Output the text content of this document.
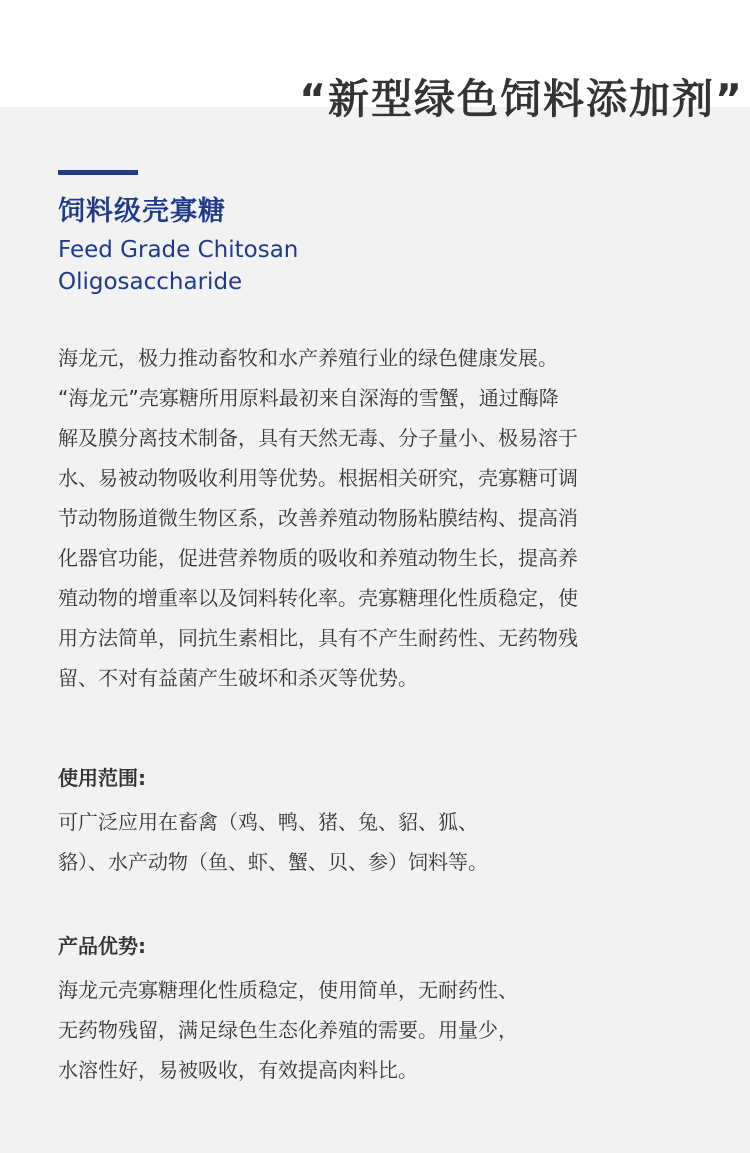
“新型绿色饲料添加剂”
饲料级壳寡糖

Feed Grade Chitosan Oligosaccharide

海龙元，极力推动畜牧和水产养殖行业的绿色健康发展。
“海龙元”壳寡糖所用原料最初来自深海的雪蟹，通过酶降
解及膜分离技术制备，具有天然无毒、分子量小、极易溶于
水、易被动物吸收利用等优势。根据相关研究，壳寡糖可调
节动物肠道微生物区系，改善养殖动物肠粘膜结构、提高消
化器官功能，促进营养物质的吸收和养殖动物生长，提高养
殖动物的增重率以及饲料转化率。壳寡糖理化性质稳定，使
用方法简单，同抗生素相比，具有不产生耐药性、无药物残
留、不对有益菌产生破坏和杀灭等优势。
使用范围:
可广泛应用在畜禽（鸡、鸭、猪、兔、貂、狐、
貉）、水产动物（鱼、虾、蟹、贝、参）饲料等。
产品优势:
海龙元壳寡糖理化性质稳定，使用简单，无耐药性、
无药物残留，满足绿色生态化养殖的需要。用量少，
水溶性好，易被吸收，有效提高肉料比。
